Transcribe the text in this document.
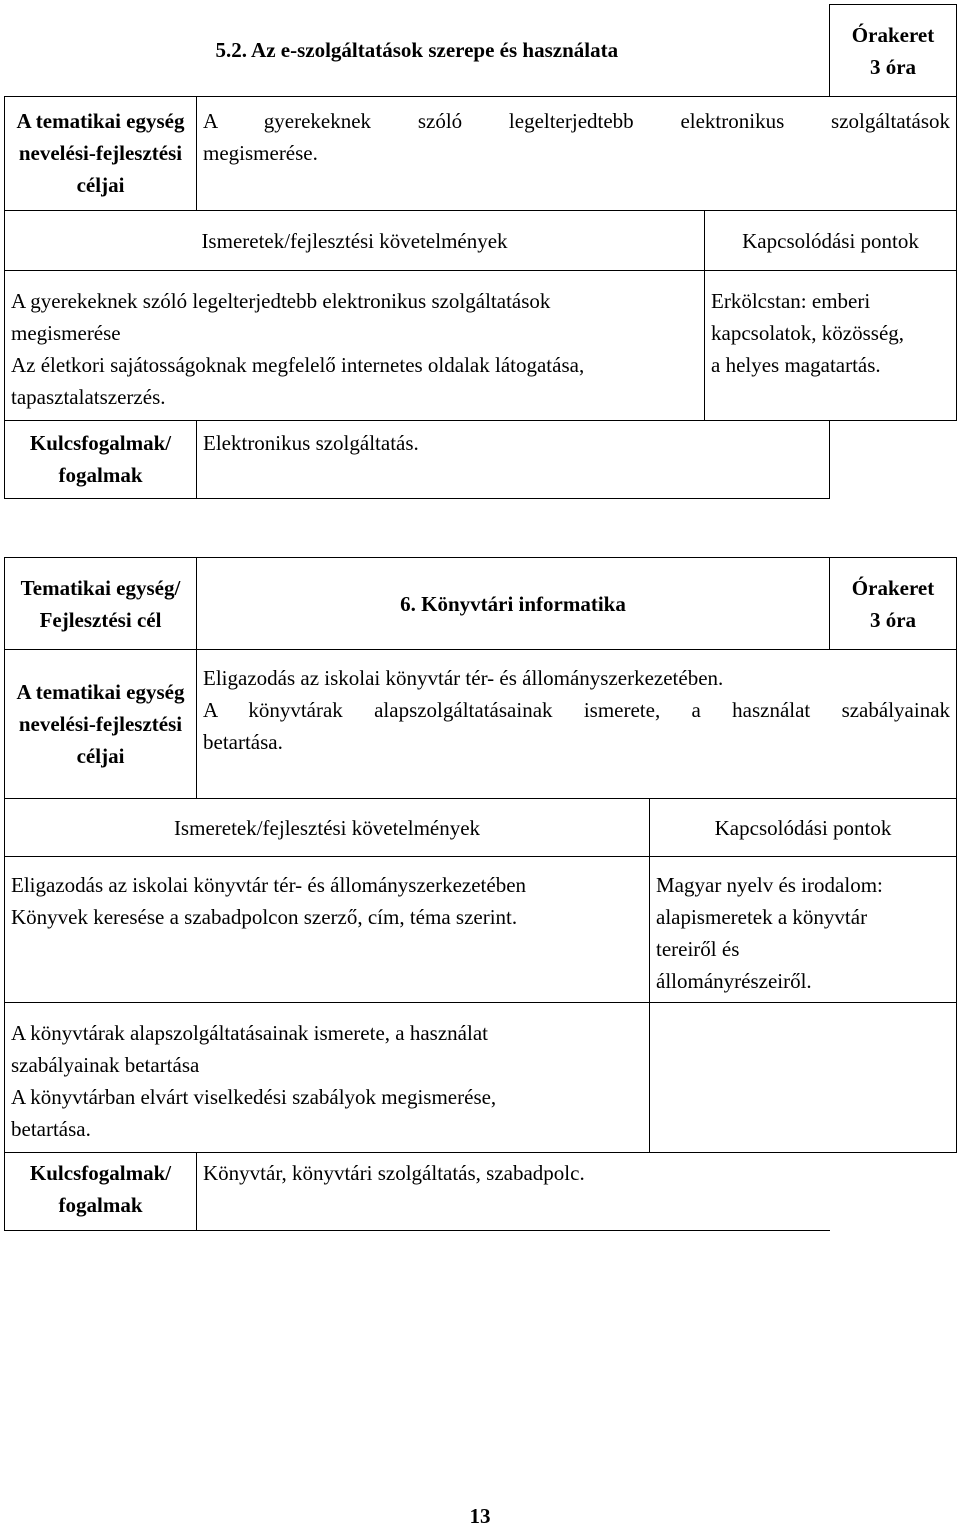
5.2. Az e-szolgáltatások szerepe és használata			Órakeret
3 óra

A tematikai egység
nevelési-fejlesztési
céljai	A gyerekeknek szóló legelterjedtebb elektronikus szolgáltatások
megismerése.		

Ismeretek/fejlesztési követelmények		Kapcsolódási pontok	

A gyerekeknek szóló legelterjedtebb elektronikus szolgáltatások
megismerése
Az életkori sajátosságoknak megfelelő internetes oldalak látogatása,
tapasztalatszerzés.		Erkölcstan: emberi
kapcsolatok, közösség,
a helyes magatartás.	

Kulcsfogalmak/
fogalmak	Elektronikus szolgáltatás.		
Tematikai egység/
Fejlesztési cél	6. Könyvtári informatika		Órakeret
3 óra

A tematikai egység
nevelési-fejlesztési
céljai	Eligazodás az iskolai könyvtár tér- és állományszerkezetében.
A könyvtárak alapszolgáltatásainak ismerete, a használat szabályainak
betartása.		

Ismeretek/fejlesztési követelmények		Kapcsolódási pontok	

Eligazodás az iskolai könyvtár tér- és állományszerkezetében
Könyvek keresése a szabadpolcon szerző, cím, téma szerint.		Magyar nyelv és irodalom:
alapismeretek a könyvtár
tereiről és
állományrészeiről.	

A könyvtárak alapszolgáltatásainak ismerete, a használat
szabályainak betartása
A könyvtárban elvárt viselkedési szabályok megismerése,
betartása.			

Kulcsfogalmak/
fogalmak	Könyvtár, könyvtári szolgáltatás, szabadpolc.		
13
